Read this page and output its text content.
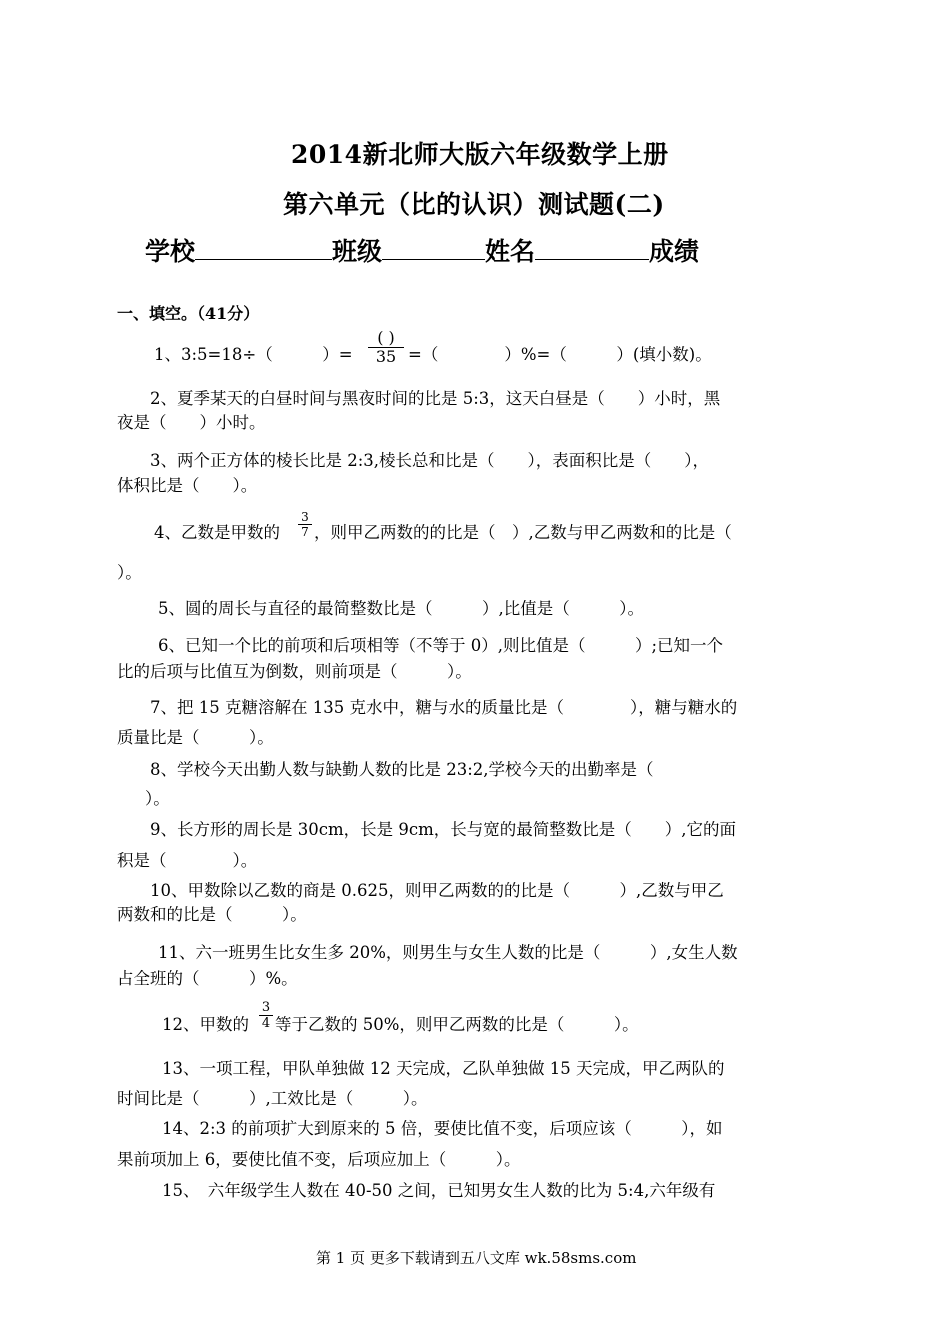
2014新北师大版六年级数学上册
第六单元（比的认识）测试题(二)
学校	班级	姓名	成绩
一、填空。（41分）
1、3:5=18÷（　　　）=
( )
35 =（　　　　）%=（　　　）(填小数)。
2、夏季某天的白昼时间与黑夜时间的比是 5:3，这天白昼是（　　）小时，黑
夜是（　　）小时。
3、两个正方体的棱长比是 2:3,棱长总和比是（　　），表面积比是（　　），
体积比是（　　）。
4、乙数是甲数的
3
7 ，则甲乙两数的的比是（　）,乙数与甲乙两数和的比是（
）。
5、圆的周长与直径的最简整数比是（　　　）,比值是（　　　）。
6、已知一个比的前项和后项相等（不等于 0）,则比值是（　　　）;已知一个
比的后项与比值互为倒数，则前项是（　　　）。
7、把 15 克糖溶解在 135 克水中，糖与水的质量比是（　　　　），糖与糖水的
质量比是（　　　）。
8、学校今天出勤人数与缺勤人数的比是 23:2,学校今天的出勤率是（
）。
9、长方形的周长是 30cm，长是 9cm，长与宽的最简整数比是（　　）,它的面
积是（　　　　）。
10、甲数除以乙数的商是 0.625，则甲乙两数的的比是（　　　）,乙数与甲乙
两数和的比是（　　　）。
11、六一班男生比女生多 20%，则男生与女生人数的比是（　　　）,女生人数
占全班的（　　　）%。
12、甲数的
3
4 等于乙数的 50%，则甲乙两数的比是（　　　）。
13、一项工程，甲队单独做 12 天完成，乙队单独做 15 天完成，甲乙两队的
时间比是（　　　）,工效比是（　　　）。
14、2:3 的前项扩大到原来的 5 倍，要使比值不变，后项应该（　　　），如
果前项加上 6，要使比值不变，后项应加上（　　　）。
15、　六年级学生人数在 40-50 之间，已知男女生人数的比为 5:4,六年级有
第 1 页 更多下载请到五八文库 wk.58sms.com
